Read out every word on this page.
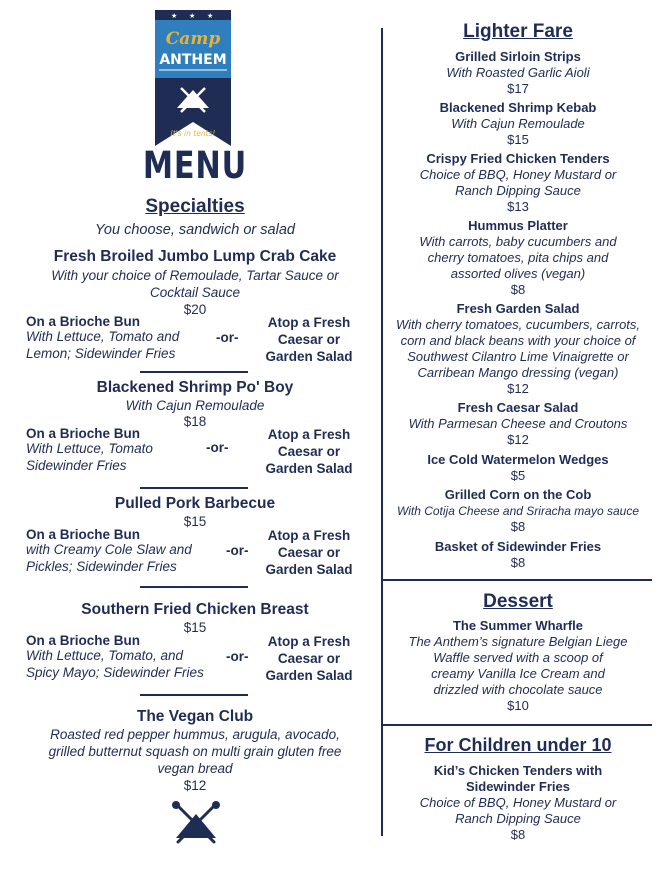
★ ★ ★
Camp
ANTHEM
It's in tents!
MENU
Specialties
You choose, sandwich or salad
Fresh Broiled Jumbo Lump Crab Cake
With your choice of Remoulade, Tartar Sauce or
Cocktail Sauce
$20
On a Brioche Bun
With Lettuce, Tomato and
Lemon; Sidewinder Fries
-or-
Atop a Fresh
Caesar or
Garden Salad
Blackened Shrimp Po' Boy
With Cajun Remoulade
$18
On a Brioche Bun
With Lettuce, Tomato
Sidewinder Fries
-or-
Atop a Fresh
Caesar or
Garden Salad
Pulled Pork Barbecue
$15
On a Brioche Bun
with Creamy Cole Slaw and
Pickles; Sidewinder Fries
-or-
Atop a Fresh
Caesar or
Garden Salad
Southern Fried Chicken Breast
$15
On a Brioche Bun
With Lettuce, Tomato, and
Spicy Mayo; Sidewinder Fries
-or-
Atop a Fresh
Caesar or
Garden Salad
The Vegan Club
Roasted red pepper hummus, arugula, avocado,
grilled butternut squash on multi grain gluten free
vegan bread
$12
Lighter Fare
Grilled Sirloin Strips
With Roasted Garlic Aioli
$17
Blackened Shrimp Kebab
With Cajun Remoulade
$15
Crispy Fried Chicken Tenders
Choice of BBQ, Honey Mustard or
Ranch Dipping Sauce
$13
Hummus Platter
With carrots, baby cucumbers and
cherry tomatoes, pita chips and
assorted olives (vegan)
$8
Fresh Garden Salad
With cherry tomatoes, cucumbers, carrots,
corn and black beans with your choice of
Southwest Cilantro Lime Vinaigrette or
Carribean Mango dressing (vegan)
$12
Fresh Caesar Salad
With Parmesan Cheese and Croutons
$12
Ice Cold Watermelon Wedges
$5
Grilled Corn on the Cob
With Cotija Cheese and Sriracha mayo sauce
$8
Basket of Sidewinder Fries
$8
Dessert
The Summer Wharfle
The Anthem’s signature Belgian Liege
Waffle served with a scoop of
creamy Vanilla Ice Cream and
drizzled with chocolate sauce
$10
For Children under 10
Kid’s Chicken Tenders with
Sidewinder Fries
Choice of BBQ, Honey Mustard or
Ranch Dipping Sauce
$8
